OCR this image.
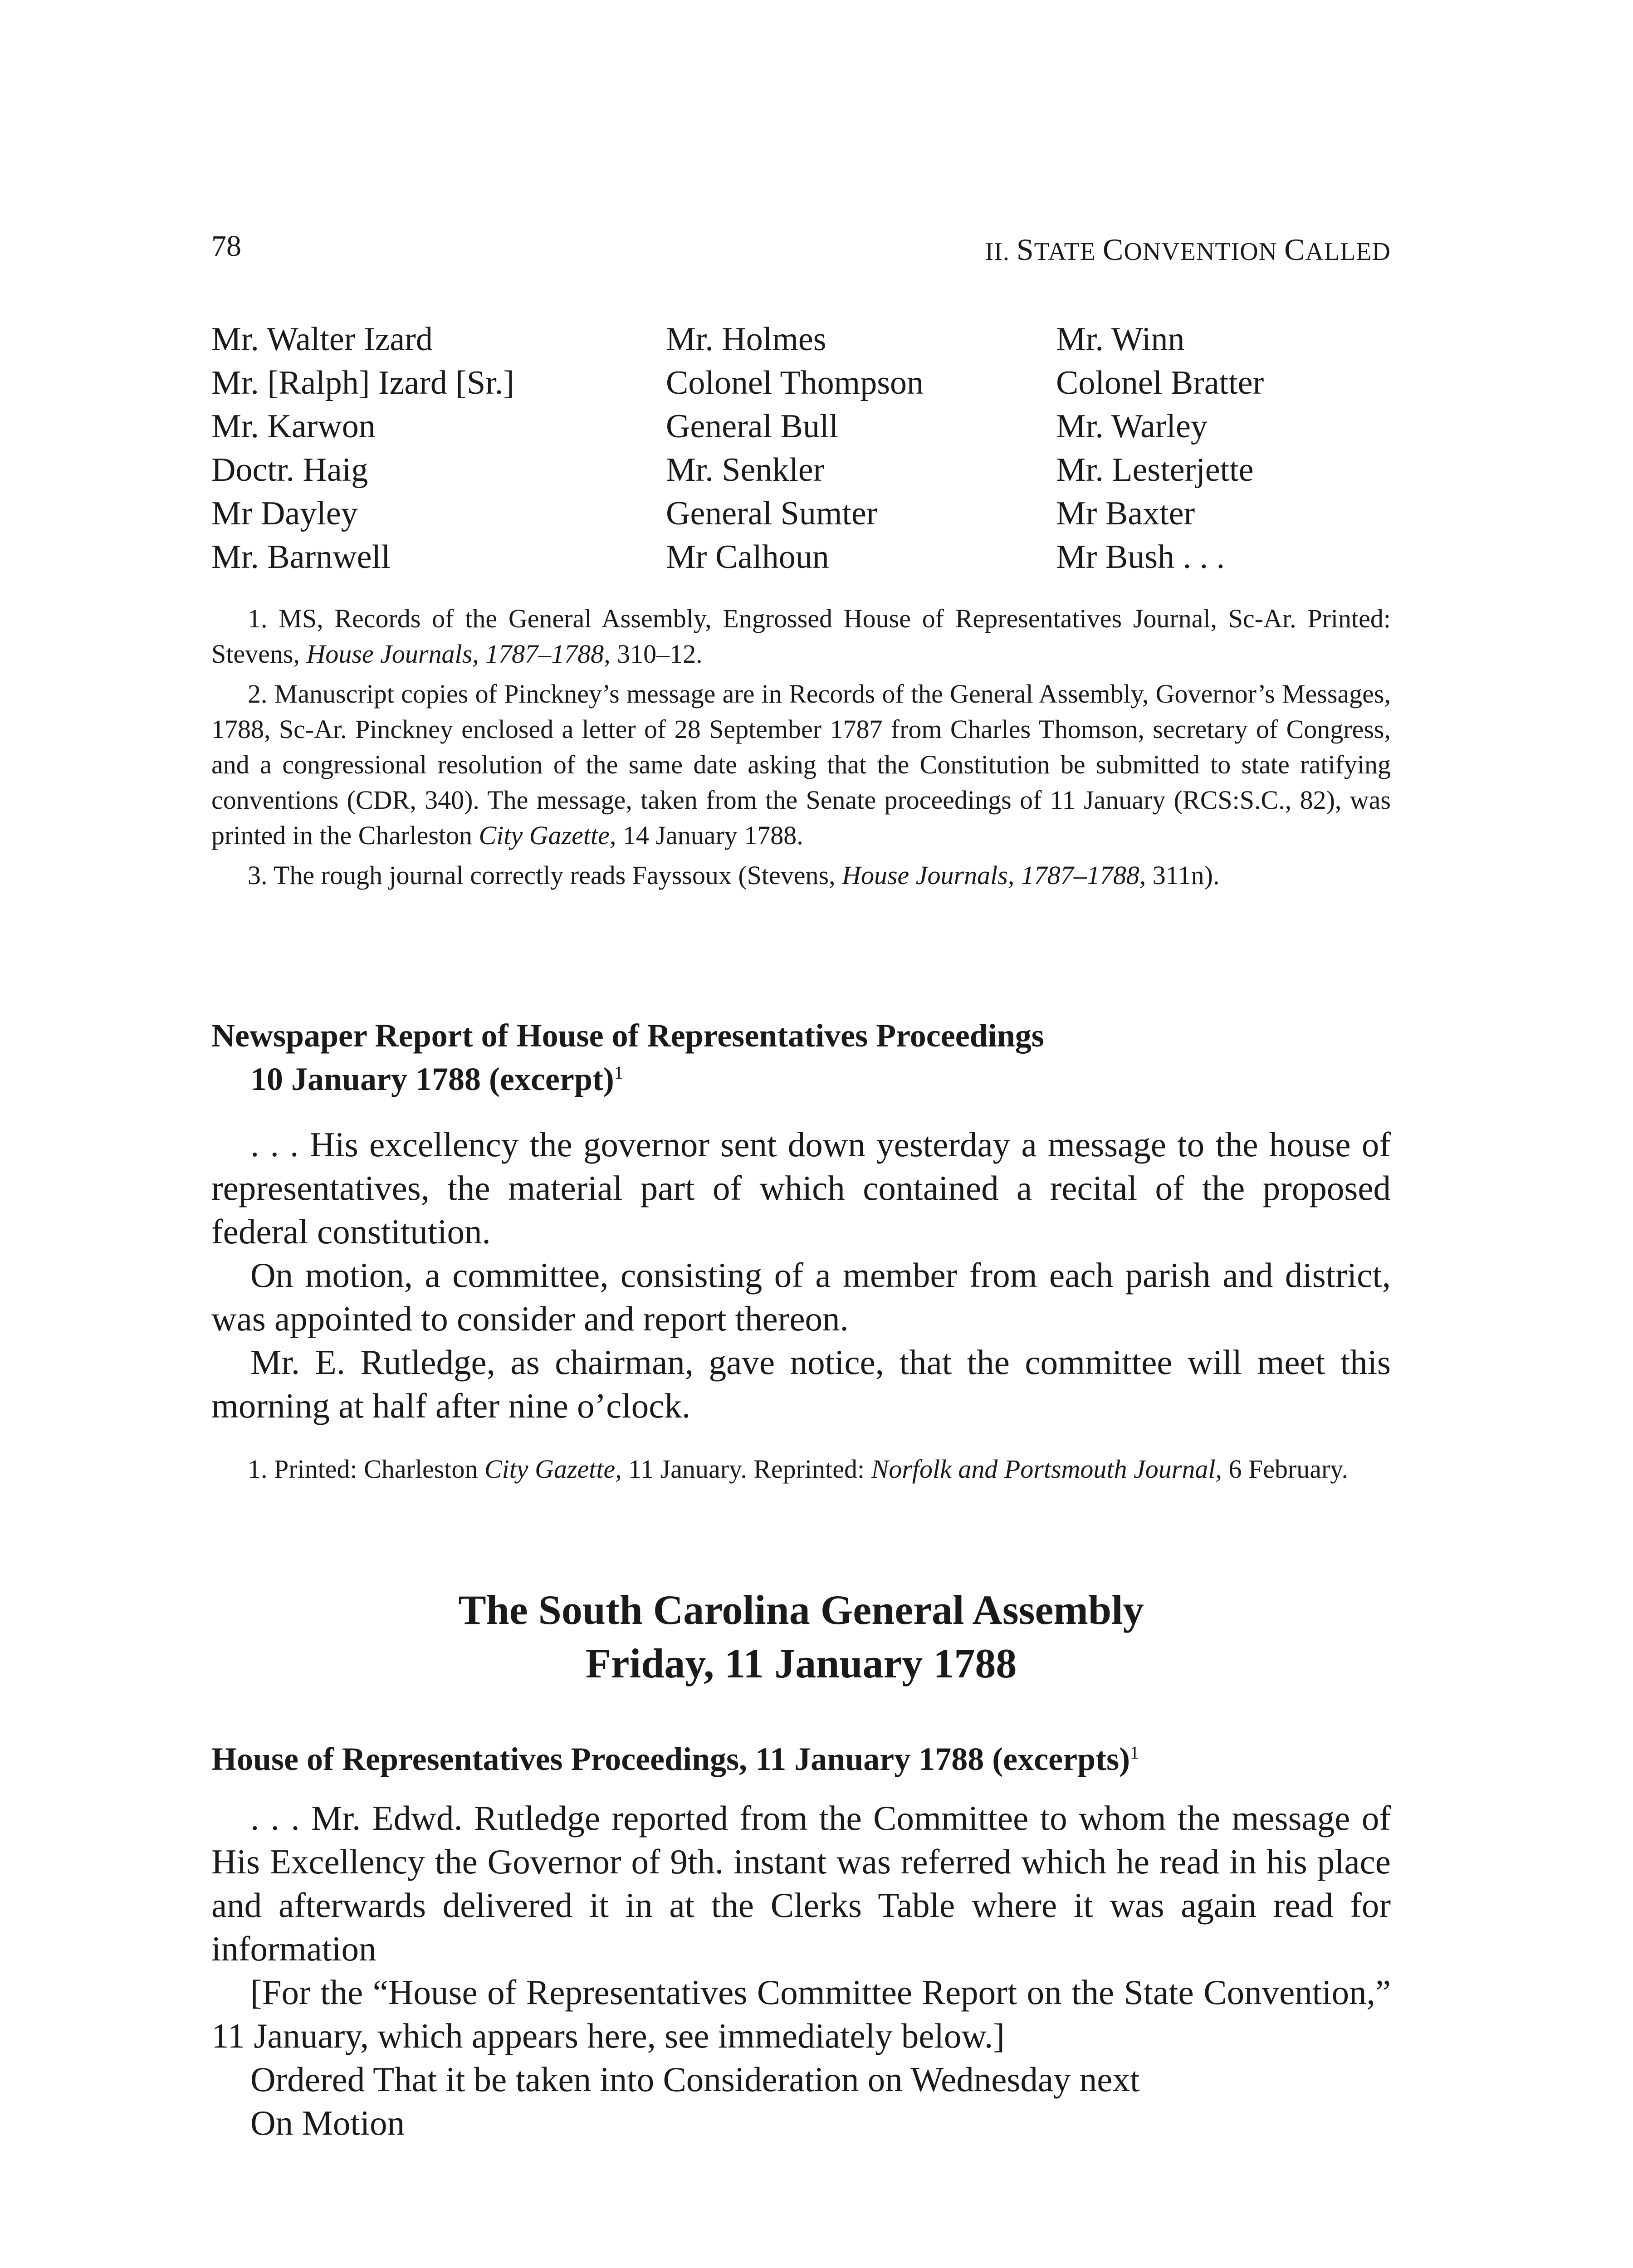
78	II. STATE CONVENTION CALLED
Mr. Walter Izard	Mr. Holmes	Mr. Winn
Mr. [Ralph] Izard [Sr.]	Colonel Thompson	Colonel Bratter
Mr. Karwon	General Bull	Mr. Warley
Doctr. Haig	Mr. Senkler	Mr. Lesterjette
Mr Dayley	General Sumter	Mr Baxter
Mr. Barnwell	Mr Calhoun	Mr Bush . . .

1. MS, Records of the General Assembly, Engrossed House of Representatives Journal, Sc-Ar. Printed: Stevens, House Journals, 1787–1788, 310–12.

2. Manuscript copies of Pinckney’s message are in Records of the General Assembly, Governor’s Messages, 1788, Sc-Ar. Pinckney enclosed a letter of 28 September 1787 from Charles Thomson, secretary of Congress, and a congressional resolution of the same date asking that the Constitution be submitted to state ratifying conventions (CDR, 340). The message, taken from the Senate proceedings of 11 January (RCS:S.C., 82), was printed in the Charleston City Gazette, 14 January 1788.

3. The rough journal correctly reads Fayssoux (Stevens, House Journals, 1787–1788, 311n).

Newspaper Report of House of Representatives Proceedings
10 January 1788 (excerpt)$^1$

. . . His excellency the governor sent down yesterday a message to the house of representatives, the material part of which contained a recital of the proposed federal constitution.

On motion, a committee, consisting of a member from each parish and district, was appointed to consider and report thereon.

Mr. E. Rutledge, as chairman, gave notice, that the committee will meet this morning at half after nine o’clock.

1. Printed: Charleston City Gazette, 11 January. Reprinted: Norfolk and Portsmouth Journal, 6 February.

The South Carolina General Assembly
Friday, 11 January 1788
House of Representatives Proceedings, 11 January 1788 (excerpts)$^1$

. . . Mr. Edwd. Rutledge reported from the Committee to whom the message of His Excellency the Governor of 9th. instant was referred which he read in his place and afterwards delivered it in at the Clerks Table where it was again read for information

[For the “House of Representatives Committee Report on the State Convention,” 11 January, which appears here, see immediately below.]

Ordered That it be taken into Consideration on Wednesday next

On Motion
